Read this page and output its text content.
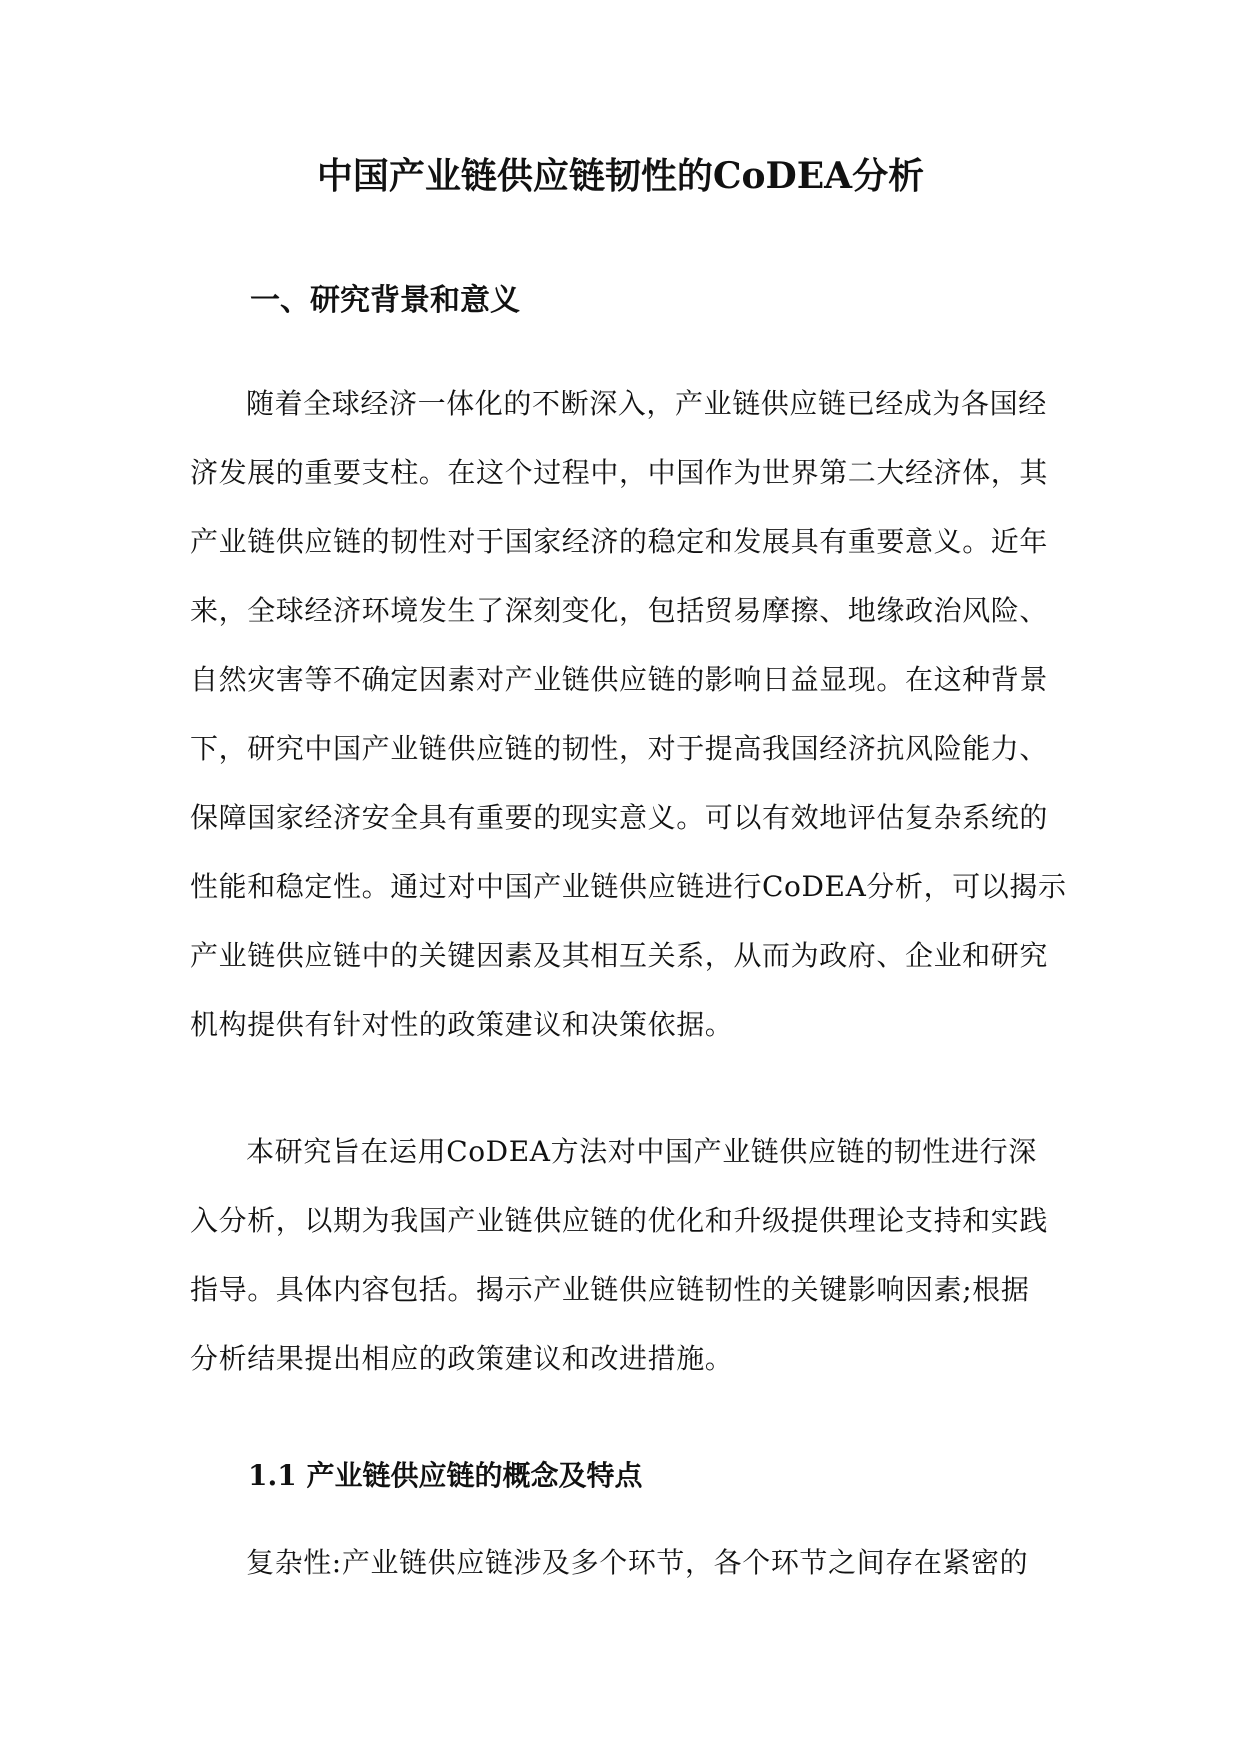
中国产业链供应链韧性的CoDEA分析
一、研究背景和意义
随着全球经济一体化的不断深入，产业链供应链已经成为各国经
济发展的重要支柱。在这个过程中，中国作为世界第二大经济体，其
产业链供应链的韧性对于国家经济的稳定和发展具有重要意义。近年
来，全球经济环境发生了深刻变化，包括贸易摩擦、地缘政治风险、
自然灾害等不确定因素对产业链供应链的影响日益显现。在这种背景
下，研究中国产业链供应链的韧性，对于提高我国经济抗风险能力、
保障国家经济安全具有重要的现实意义。可以有效地评估复杂系统的
性能和稳定性。通过对中国产业链供应链进行CoDEA分析，可以揭示
产业链供应链中的关键因素及其相互关系，从而为政府、企业和研究
机构提供有针对性的政策建议和决策依据。
本研究旨在运用CoDEA方法对中国产业链供应链的韧性进行深
入分析，以期为我国产业链供应链的优化和升级提供理论支持和实践
指导。具体内容包括。揭示产业链供应链韧性的关键影响因素;根据
分析结果提出相应的政策建议和改进措施。
1.1 产业链供应链的概念及特点
复杂性:产业链供应链涉及多个环节，各个环节之间存在紧密的
